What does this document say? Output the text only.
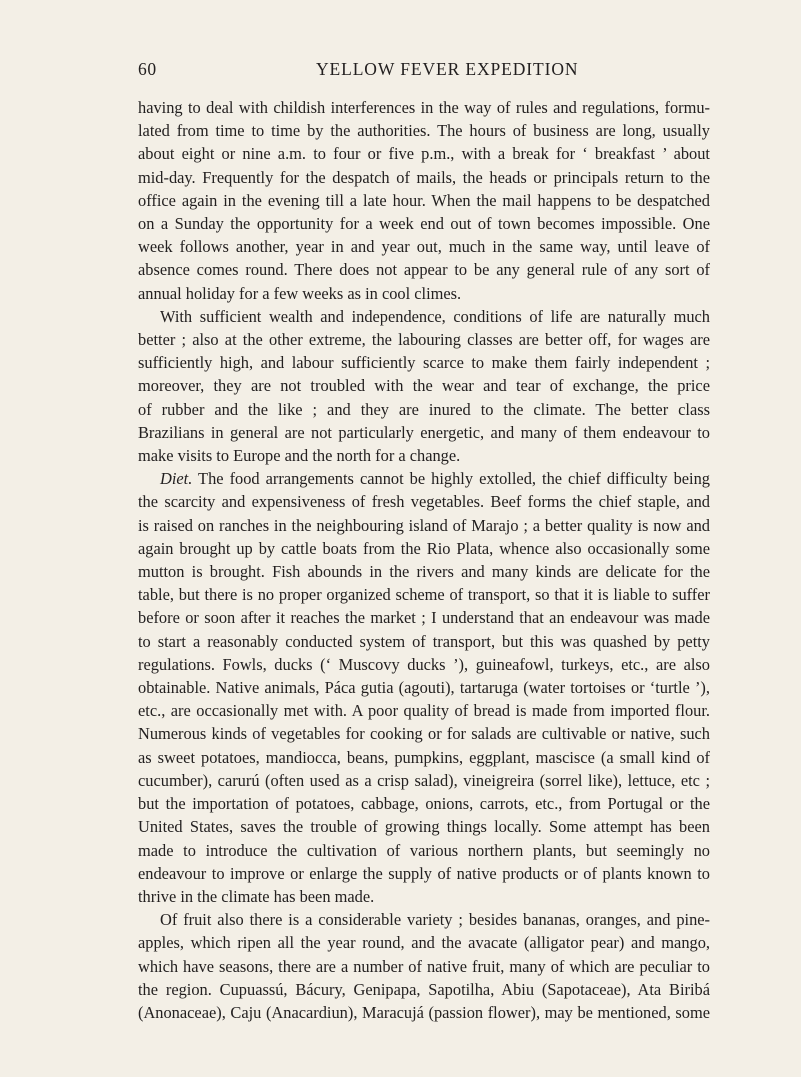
60	YELLOW FEVER EXPEDITION

having to deal with childish interferences in the way of rules and regulations, formu-

lated from time to time by the authorities. The hours of business are long, usually

about eight or nine a.m. to four or five p.m., with a break for ‘ breakfast ’ about

mid-day. Frequently for the despatch of mails, the heads or principals return to the

office again in the evening till a late hour. When the mail happens to be despatched

on a Sunday the opportunity for a week end out of town becomes impossible. One

week follows another, year in and year out, much in the same way, until leave of

absence comes round. There does not appear to be any general rule of any sort of

annual holiday for a few weeks as in cool climes.

With sufficient wealth and independence, conditions of life are naturally much

better ; also at the other extreme, the labouring classes are better off, for wages are

sufficiently high, and labour sufficiently scarce to make them fairly independent ;

moreover, they are not troubled with the wear and tear of exchange, the price

of rubber and the like ; and they are inured to the climate. The better class

Brazilians in general are not particularly energetic, and many of them endeavour to

make visits to Europe and the north for a change.

Diet. The food arrangements cannot be highly extolled, the chief difficulty being

the scarcity and expensiveness of fresh vegetables. Beef forms the chief staple, and

is raised on ranches in the neighbouring island of Marajo ; a better quality is now and

again brought up by cattle boats from the Rio Plata, whence also occasionally some

mutton is brought. Fish abounds in the rivers and many kinds are delicate for the

table, but there is no proper organized scheme of transport, so that it is liable to suffer

before or soon after it reaches the market ; I understand that an endeavour was made

to start a reasonably conducted system of transport, but this was quashed by petty

regulations. Fowls, ducks (‘ Muscovy ducks ’), guineafowl, turkeys, etc., are also

obtainable. Native animals, Páca gutia (agouti), tartaruga (water tortoises or ‘turtle ’),

etc., are occasionally met with. A poor quality of bread is made from imported flour.

Numerous kinds of vegetables for cooking or for salads are cultivable or native, such

as sweet potatoes, mandiocca, beans, pumpkins, eggplant, mascisce (a small kind of

cucumber), carurú (often used as a crisp salad), vineigreira (sorrel like), lettuce, etc ;

but the importation of potatoes, cabbage, onions, carrots, etc., from Portugal or the

United States, saves the trouble of growing things locally. Some attempt has been

made to introduce the cultivation of various northern plants, but seemingly no

endeavour to improve or enlarge the supply of native products or of plants known to

thrive in the climate has been made.

Of fruit also there is a considerable variety ; besides bananas, oranges, and pine-

apples, which ripen all the year round, and the avacate (alligator pear) and mango,

which have seasons, there are a number of native fruit, many of which are peculiar to

the region. Cupuassú, Bácury, Genipapa, Sapotilha, Abiu (Sapotaceae), Ata Biribá

(Anonaceae), Caju (Anacardiun), Maracujá (passion flower), may be mentioned, some
